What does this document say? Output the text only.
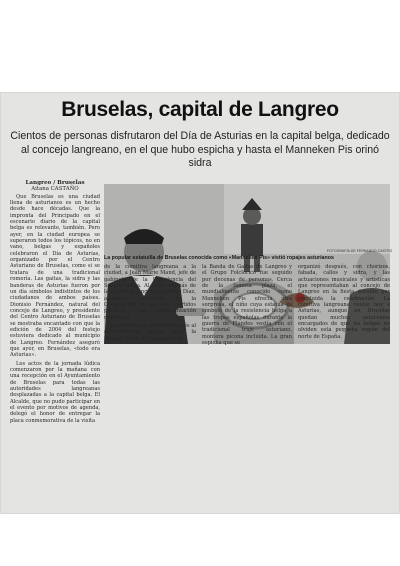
Bruselas, capital de Langreo
Cientos de personas disfrutaron del Día de Asturias en la capital belga, dedicado al concejo langreano, en el que hubo espicha y hasta el Manneken Pis orinó sidra

Langreo / Bruselas

Aitana CASTAÑO

Que Bruselas es una ciudad llena de asturianos es un hecho desde hace décadas. Que la impronta del Principado en el escenario diario de la capital belga es relevante, también. Pero ayer, en la ciudad europea se superaron todos los tópicos, no en vano, belgas y españoles celebraron el Día de Asturias, organizado por el Centro Asturiano de Bruselas, como si se tratara de una tradicional romería. Las gaitas, la sidra y las banderas de Asturias fueron por un día símbolos indistintos de los ciudadanos de ambos países. Dionisio Fernández, natural del concejo de Langreo, y presidente del Centro Asturiano de Bruselas se mostraba encantado con que la edición de 2004 del festejo estuviera dedicado al municipio de Langreo. Fernández aseguró que ayer, en Bruselas, «todo era Asturias».

Los actos de la jornada lúdica comenzaron por la mañana con una recepción en el Ayuntamiento de Bruselas para todas las autoridades langreanas desplazadas a la capital belga. El Alcalde, que no pudo participar en el evento por motivos de agenda, delegó el honor de entregar la placa conmemorativa de la visita

FOTOGRAFÍA DE FERNANDO CASTRO
La popular estatuilla de Bruselas conocida como «Manneken Pis» vistió ropajes asturianos

de la comitiva langreana a la ciudad, a Jean Marie Mand, jefe de gabinete de la Presidencia del Senado belga. Al acto, además de la alcaldesa langreana Esther Díaz, acudieron miembros de la Corporación de los tres partidos políticos con representación municipal.

La comitiva se acercó después al acostumbrado oficial hacia la Grande Place. El pasacalles de

la Banda de Gaitas de Langreo y el Grupo Folclórico fue seguido por decenas de personas. Cerca de la famosa plaza, el mundialmente conocido como Manneken Pis ofrecía otra sorpresa, el niño cuya estatua es símbolo de la resistencia belga a las tropas españolas durante la guerra de Flandes vestía con el tradicional traje asturiano, montera picona incluida. La gran espicha que se

organizó después, con chorizos, fabada, callos y sidra, y las actuaciones musicales y artísticas que representaban al concejo de Langreo en la fiesta durante por concluida la celebración. La comitiva langreana vuelve hoy a Asturias, aunque en Bruselas quedan muchos asturianos encargados de que los belgas no olviden esta pequeña región del norte de España.
